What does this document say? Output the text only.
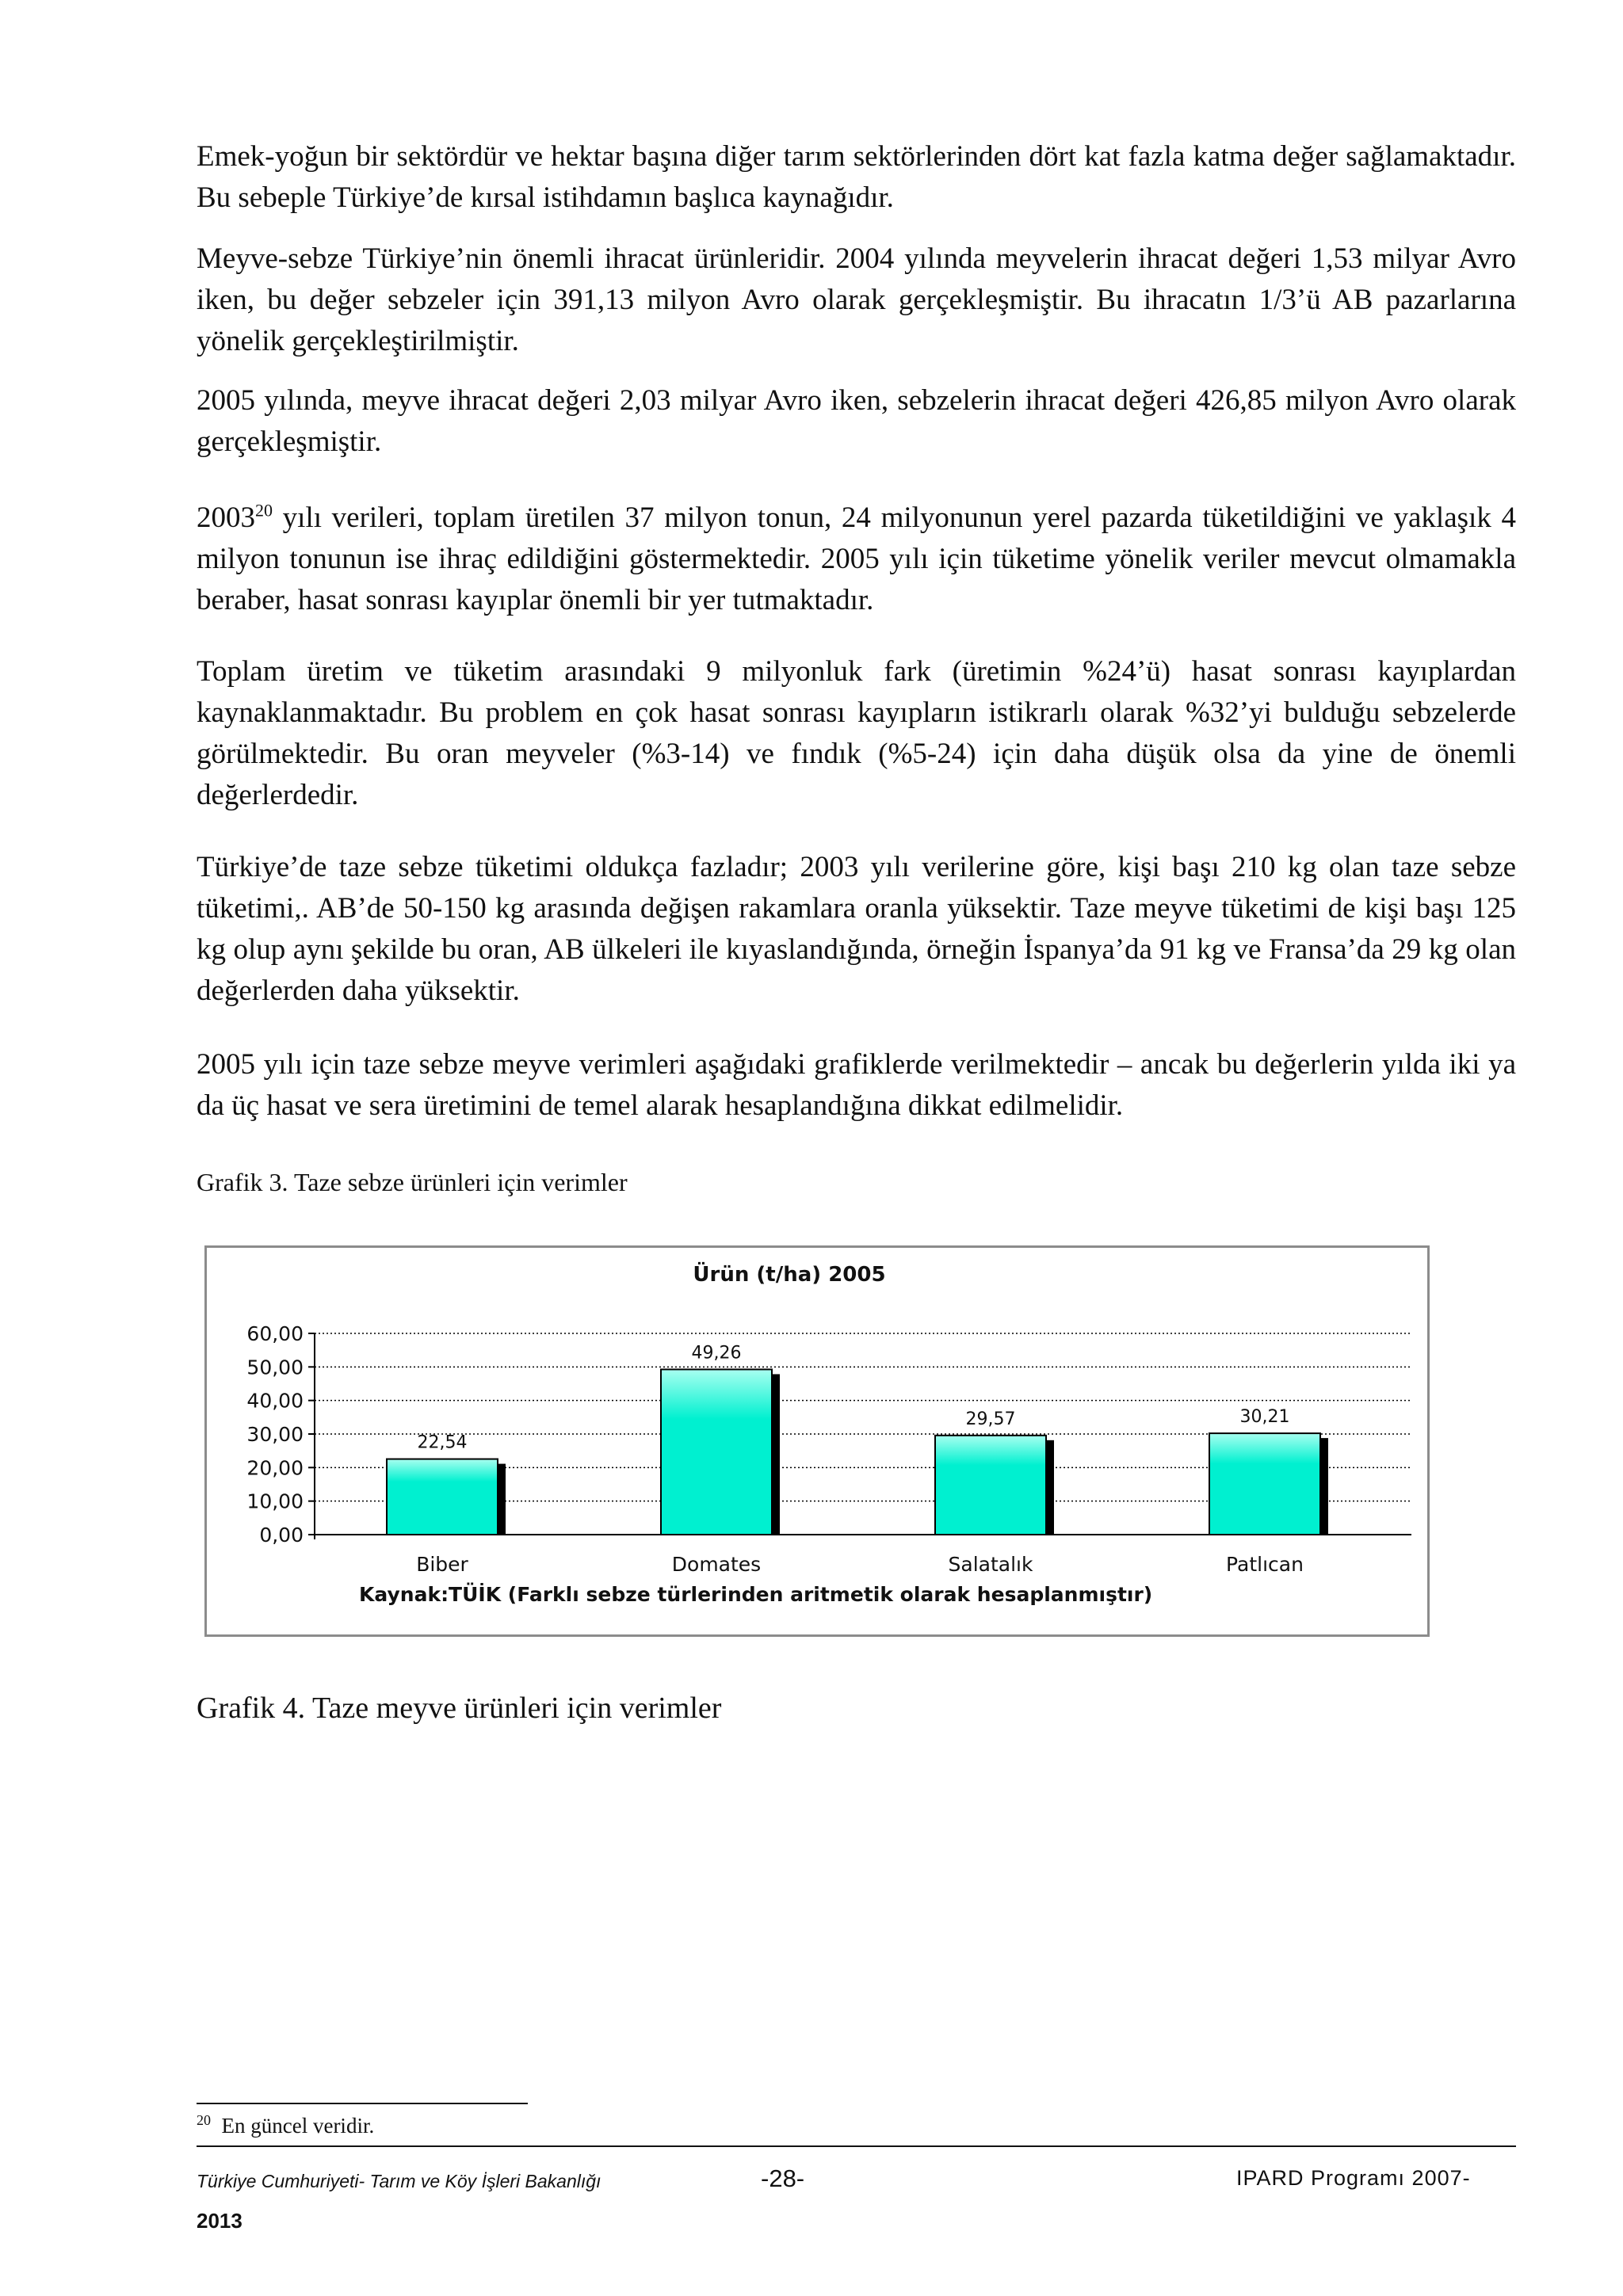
Emek-yoğun bir sektördür ve hektar başına diğer tarım sektörlerinden dört kat fazla katma değer sağlamaktadır. Bu sebeple Türkiye’de kırsal istihdamın başlıca kaynağıdır.

Meyve-sebze Türkiye’nin önemli ihracat ürünleridir. 2004 yılında meyvelerin ihracat değeri 1,53 milyar Avro iken, bu değer sebzeler için 391,13 milyon Avro olarak gerçekleşmiştir. Bu ihracatın 1/3’ü AB pazarlarına yönelik gerçekleştirilmiştir.

2005 yılında, meyve ihracat değeri 2,03 milyar Avro iken, sebzelerin ihracat değeri 426,85 milyon Avro olarak gerçekleşmiştir.

2003$^{20}$ yılı verileri, toplam üretilen 37 milyon tonun, 24 milyonunun yerel pazarda tüketildiğini ve yaklaşık 4 milyon tonunun ise ihraç edildiğini göstermektedir. 2005 yılı için tüketime yönelik veriler mevcut olmamakla beraber, hasat sonrası kayıplar önemli bir yer tutmaktadır.

Toplam üretim ve tüketim arasındaki 9 milyonluk fark (üretimin %24’ü) hasat sonrası kayıplardan kaynaklanmaktadır. Bu problem en çok hasat sonrası kayıpların istikrarlı olarak %32’yi bulduğu sebzelerde görülmektedir. Bu oran meyveler (%3-14) ve fındık (%5-24) için daha düşük olsa da yine de önemli değerlerdedir.

Türkiye’de taze sebze tüketimi oldukça fazladır; 2003 yılı verilerine göre, kişi başı 210 kg olan taze sebze tüketimi,. AB’de 50-150 kg arasında değişen rakamlara oranla yüksektir. Taze meyve tüketimi de kişi başı 125 kg olup aynı şekilde bu oran, AB ülkeleri ile kıyaslandığında, örneğin İspanya’da 91 kg ve Fransa’da 29 kg olan değerlerden daha yüksektir.

2005 yılı için taze sebze meyve verimleri aşağıdaki grafiklerde verilmektedir – ancak bu değerlerin yılda iki ya da üç hasat ve sera üretimini de temel alarak hesaplandığına dikkat edilmelidir.

Grafik 3. Taze sebze ürünleri için verimler
Ürün (t/ha) 2005
0,00
10,00
20,00
30,00
40,00
50,00
60,00
22,54
49,26
29,57	30,21
Biber	Domates	Salatalık	Patlıcan
Kaynak:TÜİK (Farklı sebze türlerinden aritmetik olarak hesaplanmıştır)
Grafik 4. Taze meyve ürünleri için verimler
$^{20}$ En güncel veridir.
Türkiye Cumhuriyeti- Tarım ve Köy İşleri Bakanlığı	-28-	IPARD Programı 2007-
2013
